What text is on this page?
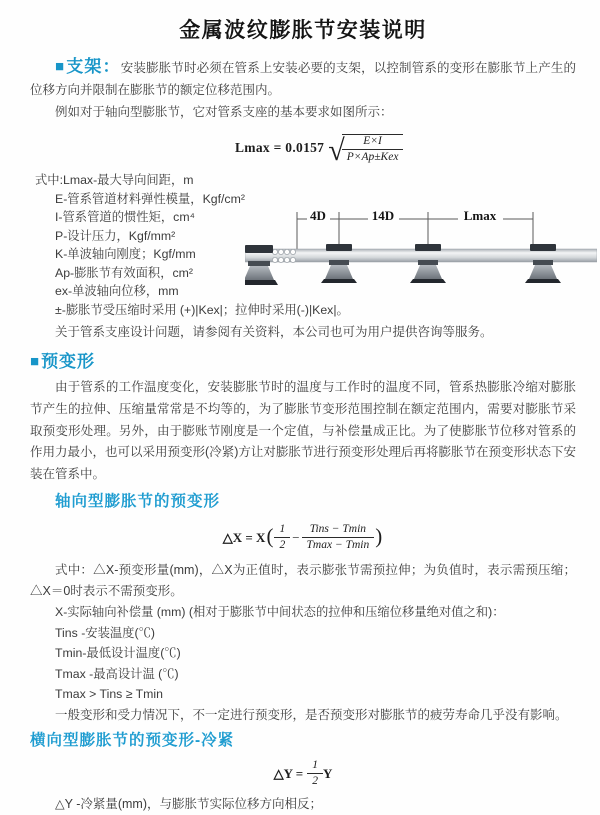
金属波纹膨胀节安装说明

■支架：安装膨胀节时必须在管系上安装必要的支架，以控制管系的变形在膨胀节上产生的位移方向并限制在膨胀节的额定位移范围内。

例如对于轴向型膨胀节，它对管系支座的基本要求如图所示：

Lmax = 0.0157 √
$\frac{E\times I}{\text{P×Ap±Kex}}$
式中:Lmax-最大导向间距，m
E-管系管道材料弹性模量，Kgf/cm²
I-管系管道的惯性矩，cm⁴
P-设计压力，Kgf/mm²
K-单波轴向刚度；Kgf/mm
Ap-膨胀节有效面积，cm²
ex-单波轴向位移，mm
±-膨胀节受压缩时采用 (+)|Kex|；拉伸时采用(-)|Kex|。
4D	14D	Lmax

关于管系支座设计问题，请参阅有关资料，本公司也可为用户提供咨询等服务。

■预变形

由于管系的工作温度变化，安装膨胀节时的温度与工作时的温度不同，管系热膨胀冷缩对膨胀节产生的拉伸、压缩量常常是不均等的，为了膨胀节变形范围控制在额定范围内，需要对膨胀节采取预变形处理。另外，由于膨账节刚度是一个定值，与补偿量成正比。为了使膨胀节位移对管系的作用力最小，也可以采用预变形(冷紧)方让对膨胀节进行预变形处理后再将膨胀节在预变形状态下安装在管系中。

轴向型膨胀节的预变形
△X = X ( $\frac{1}{2} - \frac{\text{Tins − Tmin}}{Tmax - Tmin}$ )

式中：△X-预变形量(mm)，△X为正值时，表示膨张节需预拉伸；为负值时，表示需预压缩；△X＝0时表示不需预变形。

X-实际轴向补偿量 (mm) (相对于膨胀节中间状态的拉伸和压缩位移量绝对值之和)：
Tins -安装温度(℃)
Tmin-最低设计温度(℃)
Tmax -最高设计温 (℃)
Tmax > Tins ≥ Tmin

一般变形和受力情况下，不一定进行预变形，是否预变形对膨胀节的疲劳寿命几乎没有影响。

横向型膨胀节的预变形-冷紧
△Y =
$\frac{1}{2}$ Y

△Y -冷紧量(mm)，与膨胀节实际位移方向相反；
